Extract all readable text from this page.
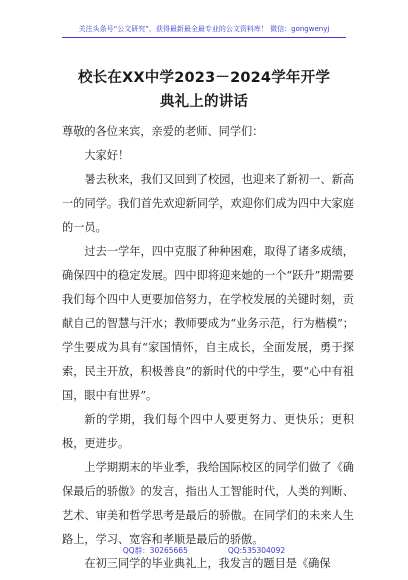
关注头条号“公文研究”，获得最新最全最专业的公文资料库！ 微信：gongwenyj
校长在XX中学2023－2024学年开学
典礼上的讲话

尊敬的各位来宾，亲爱的老师、同学们：

大家好！

暑去秋来，我们又回到了校园，也迎来了新初一、新高一的同学。我们首先欢迎新同学，欢迎你们成为四中大家庭的一员。

过去一学年，四中克服了种种困难，取得了诸多成绩，确保四中的稳定发展。四中即将迎来她的一个“跃升”期需要我们每个四中人更要加倍努力，在学校发展的关键时刻，贡献自己的智慧与汗水；教师要成为“业务示范，行为楷模”；学生要成为具有“家国情怀，自主成长，全面发展，勇于探索，民主开放，积极善良”的新时代的中学生，要“心中有祖国，眼中有世界”。

新的学期，我们每个四中人要更努力、更快乐；更积极，更进步。

上学期期末的毕业季，我给国际校区的同学们做了《确保最后的骄傲》的发言，指出人工智能时代，人类的判断、艺术、审美和哲学思考是最后的骄傲。在同学们的未来人生路上，学习、宽容和孝顺是最后的骄傲。

在初三同学的毕业典礼上，我发言的题目是《确保

QQ群：30265665	QQ:535304092
